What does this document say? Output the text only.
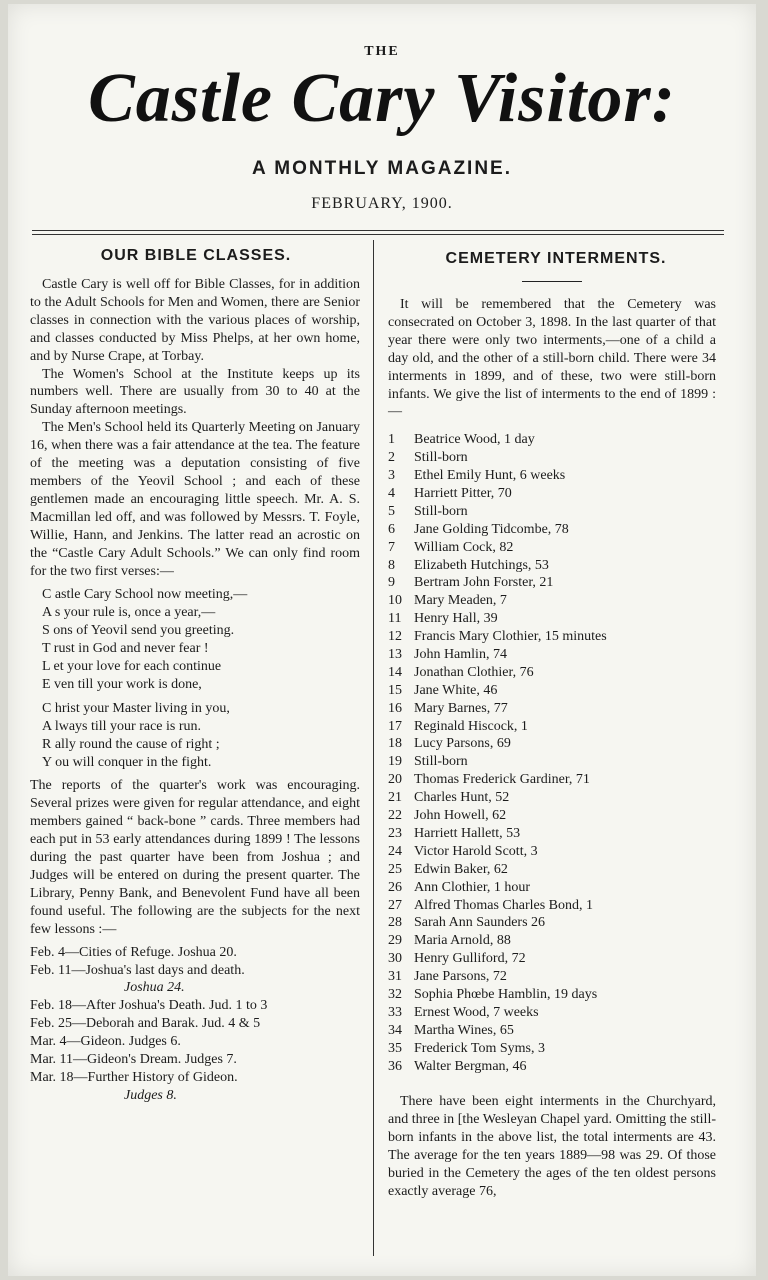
THE
Castle Cary Visitor:
A MONTHLY MAGAZINE.
FEBRUARY, 1900.
OUR BIBLE CLASSES.

Castle Cary is well off for Bible Classes, for in addition to the Adult Schools for Men and Women, there are Senior classes in connection with the various places of worship, and classes conducted by Miss Phelps, at her own home, and by Nurse Crape, at Torbay.

The Women's School at the Institute keeps up its numbers well. There are usually from 30 to 40 at the Sunday afternoon meetings.

The Men's School held its Quarterly Meeting on January 16, when there was a fair attendance at the tea. The feature of the meeting was a deputation consisting of five members of the Yeovil School ; and each of these gentlemen made an encouraging little speech. Mr. A. S. Macmillan led off, and was followed by Messrs. T. Foyle, Willie, Hann, and Jenkins. The latter read an acrostic on the “Castle Cary Adult Schools.” We can only find room for the two first verses:—

C astle Cary School now meeting,—
A s your rule is, once a year,—
S ons of Yeovil send you greeting.
T rust in God and never fear !
L et your love for each continue
E ven till your work is done,
C hrist your Master living in you,
A lways till your race is run.
R ally round the cause of right ;
Y ou will conquer in the fight.

The reports of the quarter's work was encouraging. Several prizes were given for regular attendance, and eight members gained “ back-bone ” cards. Three members had each put in 53 early attendances during 1899 ! The lessons during the past quarter have been from Joshua ; and Judges will be entered on during the present quarter. The Library, Penny Bank, and Benevolent Fund have all been found useful. The following are the subjects for the next few lessons :—

Feb. 4—Cities of Refuge. Joshua 20.
Feb. 11—Joshua's last days and death.
Joshua 24.
Feb. 18—After Joshua's Death. Jud. 1 to 3
Feb. 25—Deborah and Barak. Jud. 4 & 5
Mar. 4—Gideon. Judges 6.
Mar. 11—Gideon's Dream. Judges 7.
Mar. 18—Further History of Gideon.
Judges 8.
CEMETERY INTERMENTS.

It will be remembered that the Cemetery was consecrated on October 3, 1898. In the last quarter of that year there were only two interments,—one of a child a day old, and the other of a still-born child. There were 34 interments in 1899, and of these, two were still-born infants. We give the list of interments to the end of 1899 :—

1	Beatrice Wood, 1 day
2	Still-born
3	Ethel Emily Hunt, 6 weeks
4	Harriett Pitter, 70
5	Still-born
6	Jane Golding Tidcombe, 78
7	William Cock, 82
8	Elizabeth Hutchings, 53
9	Bertram John Forster, 21
10 Mary Meaden, 7
11 Henry Hall, 39
12 Francis Mary Clothier, 15 minutes
13 John Hamlin, 74
14 Jonathan Clothier, 76
15 Jane White, 46
16 Mary Barnes, 77
17 Reginald Hiscock, 1
18 Lucy Parsons, 69
19 Still-born
20 Thomas Frederick Gardiner, 71
21 Charles Hunt, 52
22 John Howell, 62
23 Harriett Hallett, 53
24 Victor Harold Scott, 3
25 Edwin Baker, 62
26 Ann Clothier, 1 hour
27 Alfred Thomas Charles Bond, 1
28 Sarah Ann Saunders 26
29 Maria Arnold, 88
30 Henry Gulliford, 72
31 Jane Parsons, 72
32 Sophia Phœbe Hamblin, 19 days
33 Ernest Wood, 7 weeks
34 Martha Wines, 65
35 Frederick Tom Syms, 3
36 Walter Bergman, 46

There have been eight interments in the Churchyard, and three in [the Wesleyan Chapel yard. Omitting the still-born infants in the above list, the total interments are 43. The average for the ten years 1889—98 was 29. Of those buried in the Cemetery the ages of the ten oldest persons exactly average 76,
